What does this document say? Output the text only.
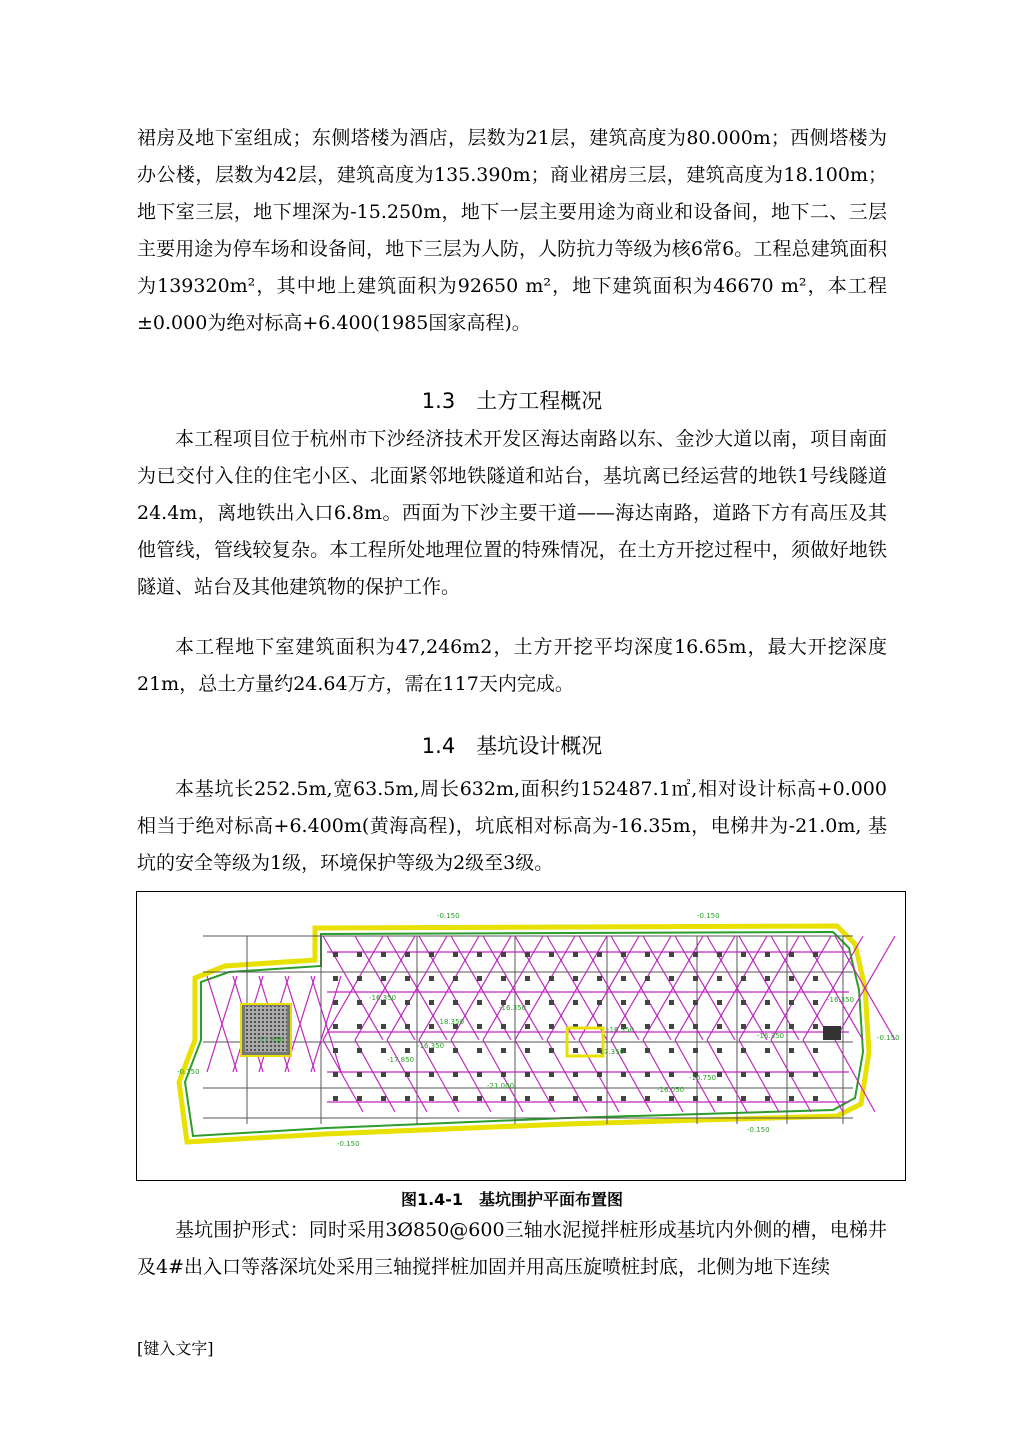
裙房及地下室组成；东侧塔楼为酒店，层数为21层，建筑高度为80.000m；西侧塔楼为办公楼，层数为42层，建筑高度为135.390m；商业裙房三层，建筑高度为18.100m；地下室三层，地下埋深为-15.250m，地下一层主要用途为商业和设备间，地下二、三层主要用途为停车场和设备间，地下三层为人防，人防抗力等级为核6常6。工程总建筑面积为139320m²，其中地上建筑面积为92650 m²，地下建筑面积为46670 m²，本工程±0.000为绝对标高+6.400(1985国家高程)。

1.3　土方工程概况

本工程项目位于杭州市下沙经济技术开发区海达南路以东、金沙大道以南，项目南面为已交付入住的住宅小区、北面紧邻地铁隧道和站台，基坑离已经运营的地铁1号线隧道24.4m，离地铁出入口6.8m。西面为下沙主要干道——海达南路，道路下方有高压及其他管线，管线较复杂。本工程所处地理位置的特殊情况，在土方开挖过程中，须做好地铁隧道、站台及其他建筑物的保护工作。

本工程地下室建筑面积为47,246m2，土方开挖平均深度16.65m，最大开挖深度21m，总土方量约24.64万方，需在117天内完成。

1.4　基坑设计概况

本基坑长252.5m,宽63.5m,周长632m,面积约152487.1㎡,相对设计标高+0.000相当于绝对标高+6.400m(黄海高程)，坑底相对标高为-16.35m，电梯井为-21.0m, 基坑的安全等级为1级，环境保护等级为2级至3级。

-0.150	-0.150
-0.150
-0.150
-0.150
-0.150
-16.350
-16.350
-16.350
-16.350
-16.350
-16.350
-17.850
-17.850
-18.350
-21.000	-16.050
-17.350
-16.750
图1.4-1　基坑围护平面布置图

基坑围护形式：同时采用3Ø850@600三轴水泥搅拌桩形成基坑内外侧的槽，电梯井及4#出入口等落深坑处采用三轴搅拌桩加固并用高压旋喷桩封底，北侧为地下连续

[键入文字]
